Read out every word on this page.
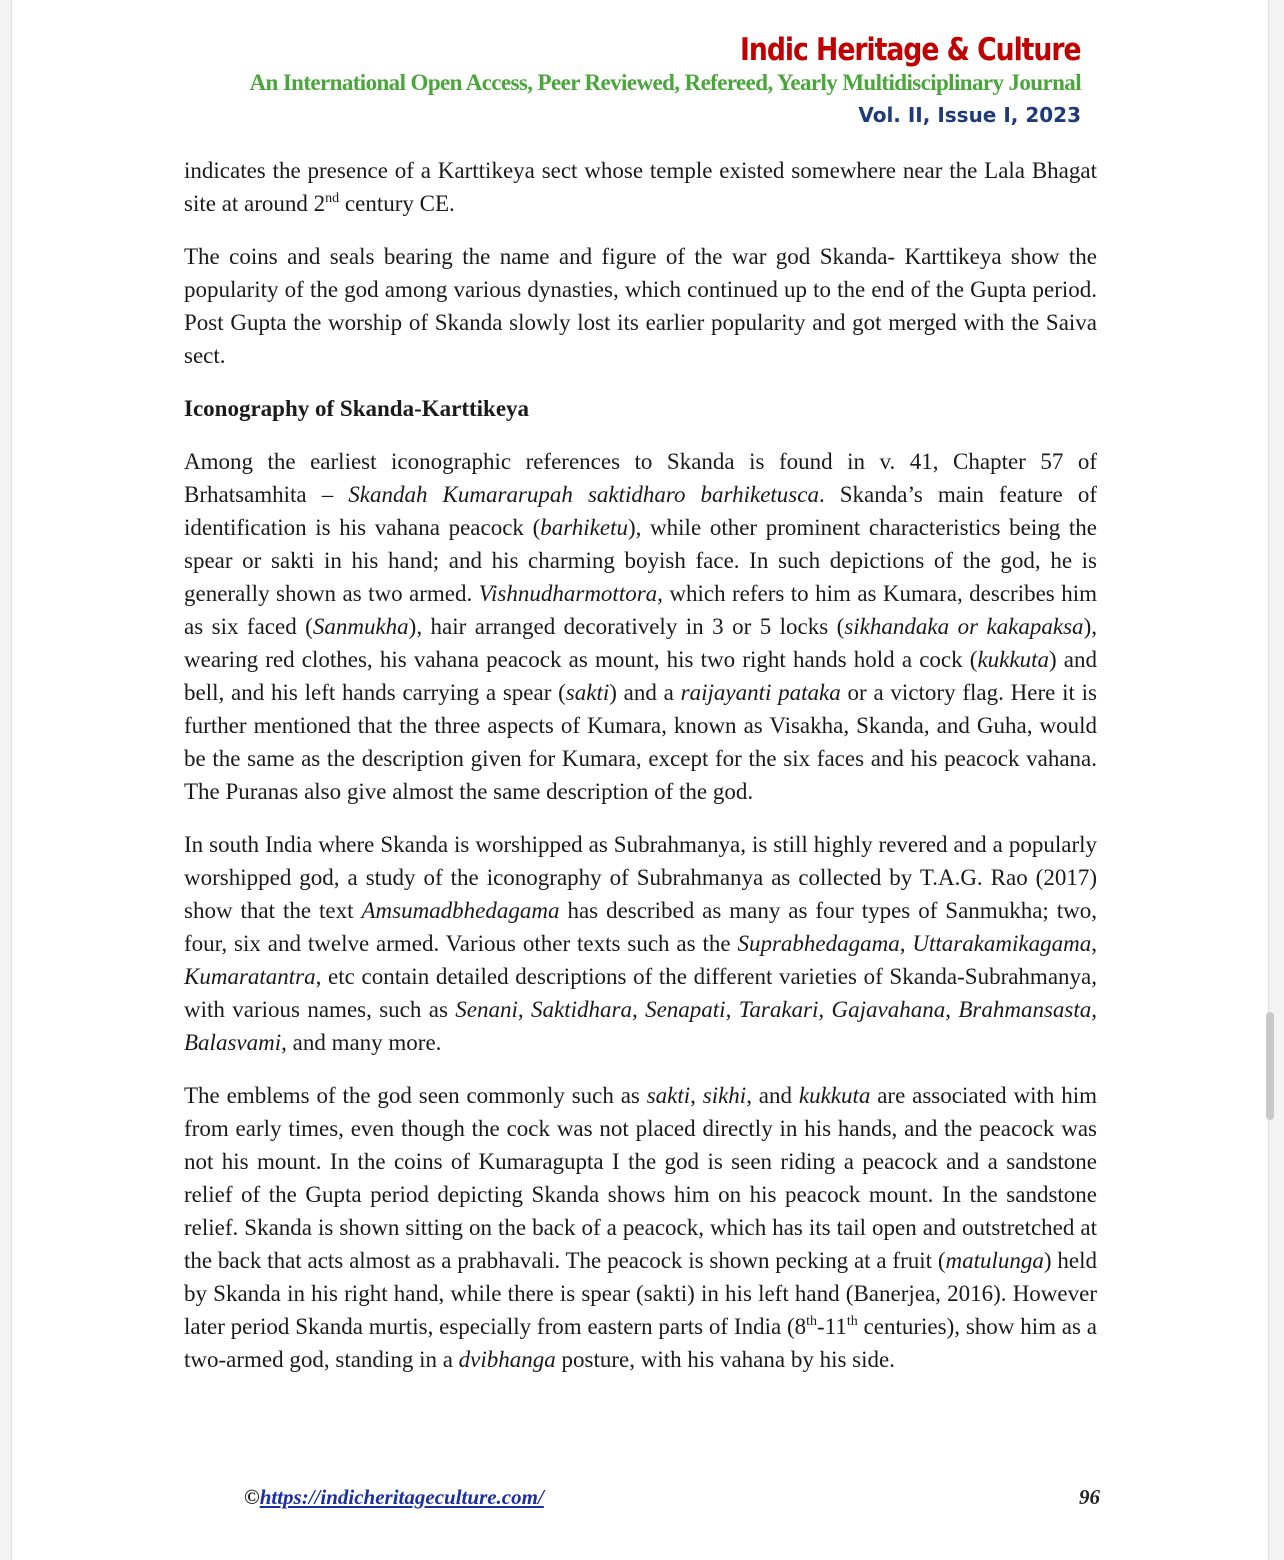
Indic Heritage & Culture
An International Open Access, Peer Reviewed, Refereed, Yearly Multidisciplinary Journal
Vol. II, Issue I, 2023

indicates the presence of a Karttikeya sect whose temple existed somewhere near the Lala Bhagat site at around 2nd century CE.

The coins and seals bearing the name and figure of the war god Skanda- Karttikeya show the popularity of the god among various dynasties, which continued up to the end of the Gupta period. Post Gupta the worship of Skanda slowly lost its earlier popularity and got merged with the Saiva sect.

Iconography of Skanda-Karttikeya

Among the earliest iconographic references to Skanda is found in v. 41, Chapter 57 of Brhatsamhita – Skandah Kumararupah saktidharo barhiketusca. Skanda’s main feature of identification is his vahana peacock (barhiketu), while other prominent characteristics being the spear or sakti in his hand; and his charming boyish face. In such depictions of the god, he is generally shown as two armed. Vishnudharmottora, which refers to him as Kumara, describes him as six faced (Sanmukha), hair arranged decoratively in 3 or 5 locks (sikhandaka or kakapaksa), wearing red clothes, his vahana peacock as mount, his two right hands hold a cock (kukkuta) and bell, and his left hands carrying a spear (sakti) and a raijayanti pataka or a victory flag. Here it is further mentioned that the three aspects of Kumara, known as Visakha, Skanda, and Guha, would be the same as the description given for Kumara, except for the six faces and his peacock vahana. The Puranas also give almost the same description of the god.

In south India where Skanda is worshipped as Subrahmanya, is still highly revered and a popularly worshipped god, a study of the iconography of Subrahmanya as collected by T.A.G. Rao (2017) show that the text Amsumadbhedagama has described as many as four types of Sanmukha; two, four, six and twelve armed. Various other texts such as the Suprabhedagama, Uttarakamikagama, Kumaratantra, etc contain detailed descriptions of the different varieties of Skanda-Subrahmanya, with various names, such as Senani, Saktidhara, Senapati, Tarakari, Gajavahana, Brahmansasta, Balasvami, and many more.

The emblems of the god seen commonly such as sakti, sikhi, and kukkuta are associated with him from early times, even though the cock was not placed directly in his hands, and the peacock was not his mount. In the coins of Kumaragupta I the god is seen riding a peacock and a sandstone relief of the Gupta period depicting Skanda shows him on his peacock mount. In the sandstone relief. Skanda is shown sitting on the back of a peacock, which has its tail open and outstretched at the back that acts almost as a prabhavali. The peacock is shown pecking at a fruit (matulunga) held by Skanda in his right hand, while there is spear (sakti) in his left hand (Banerjea, 2016). However later period Skanda murtis, especially from eastern parts of India (8th-11th centuries), show him as a two-armed god, standing in a dvibhanga posture, with his vahana by his side.

©https://indicheritageculture.com/	96
